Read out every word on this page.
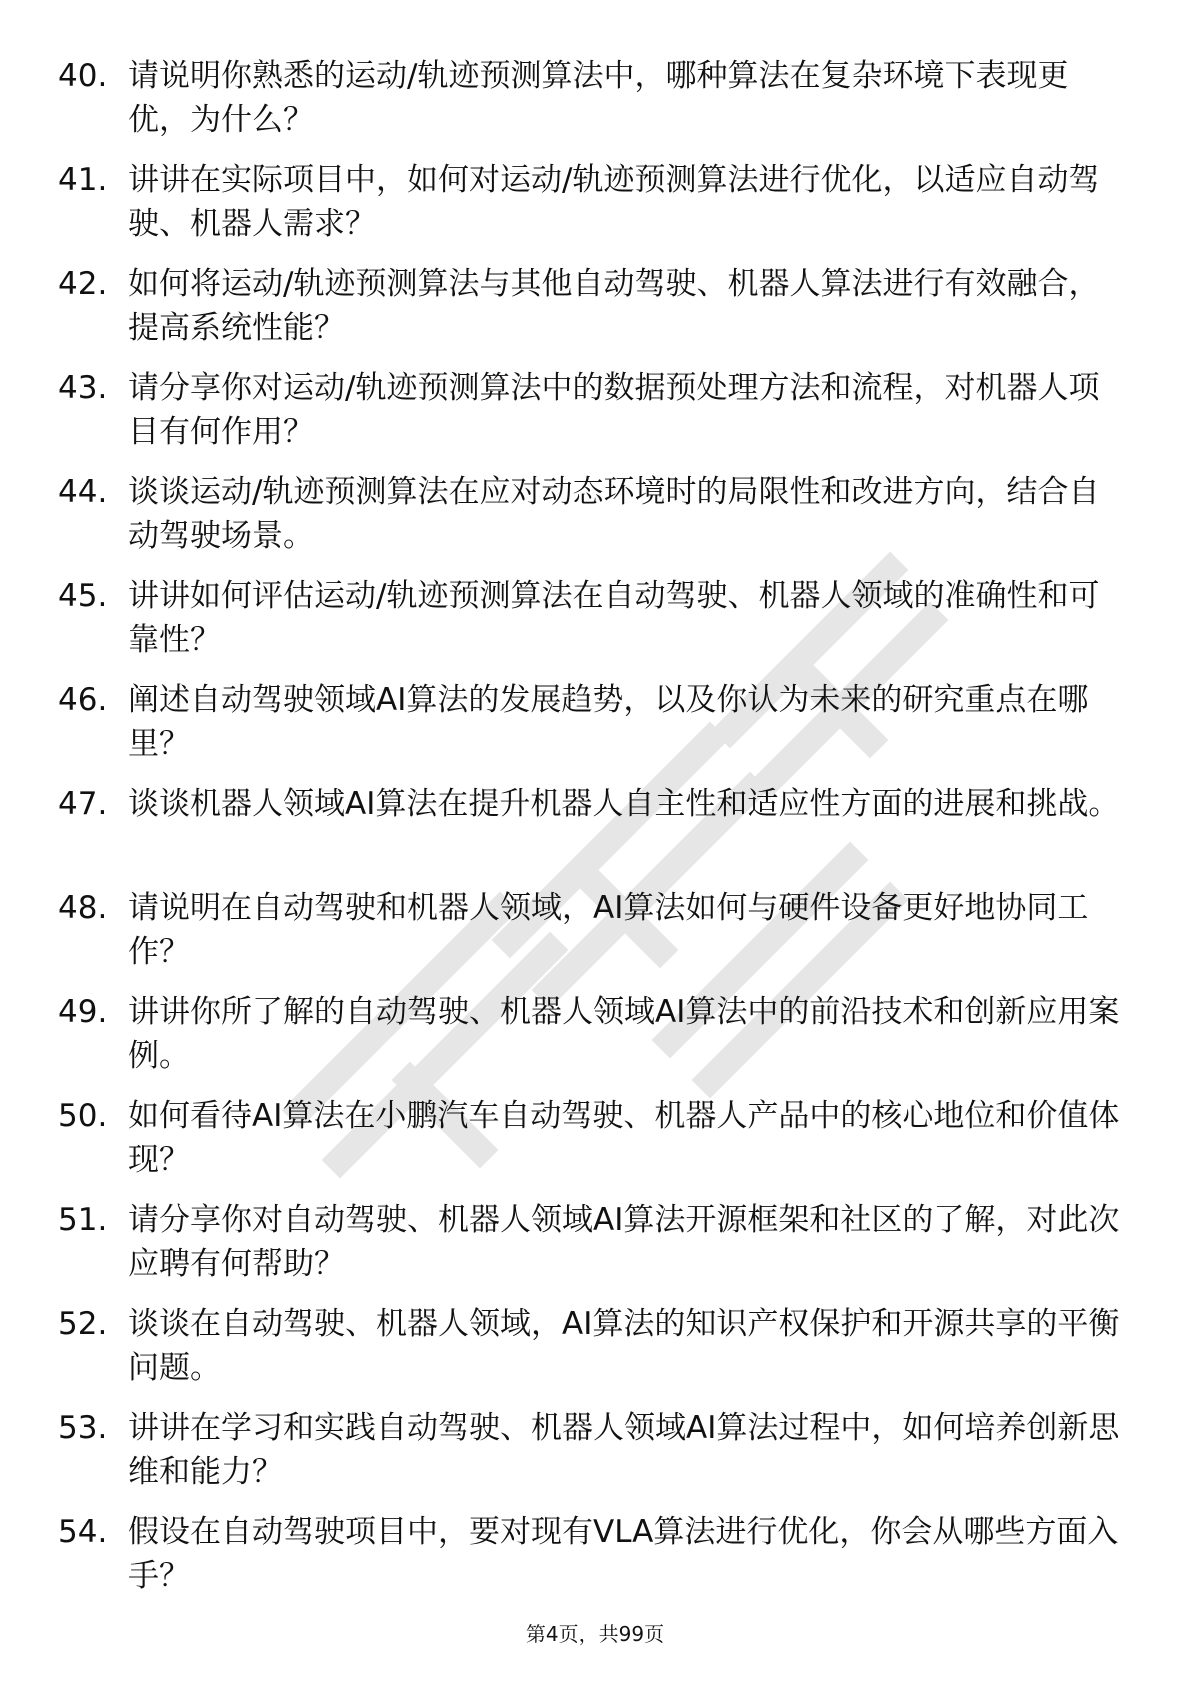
40. 请说明你熟悉的运动/轨迹预测算法中，哪种算法在复杂环境下表现更优，为什么？
41. 讲讲在实际项目中，如何对运动/轨迹预测算法进行优化，以适应自动驾驶、机器人需求？
42. 如何将运动/轨迹预测算法与其他自动驾驶、机器人算法进行有效融合，提高系统性能？
43. 请分享你对运动/轨迹预测算法中的数据预处理方法和流程，对机器人项目有何作用？
44. 谈谈运动/轨迹预测算法在应对动态环境时的局限性和改进方向，结合自动驾驶场景。
45. 讲讲如何评估运动/轨迹预测算法在自动驾驶、机器人领域的准确性和可靠性？
46. 阐述自动驾驶领域AI算法的发展趋势，以及你认为未来的研究重点在哪里？
47. 谈谈机器人领域AI算法在提升机器人自主性和适应性方面的进展和挑战。
48. 请说明在自动驾驶和机器人领域，AI算法如何与硬件设备更好地协同工作？
49. 讲讲你所了解的自动驾驶、机器人领域AI算法中的前沿技术和创新应用案例。
50. 如何看待AI算法在小鹏汽车自动驾驶、机器人产品中的核心地位和价值体现？
51. 请分享你对自动驾驶、机器人领域AI算法开源框架和社区的了解，对此次应聘有何帮助？
52. 谈谈在自动驾驶、机器人领域，AI算法的知识产权保护和开源共享的平衡问题。
53. 讲讲在学习和实践自动驾驶、机器人领域AI算法过程中，如何培养创新思维和能力？
54. 假设在自动驾驶项目中，要对现有VLA算法进行优化，你会从哪些方面入手？
第4页，共99页
